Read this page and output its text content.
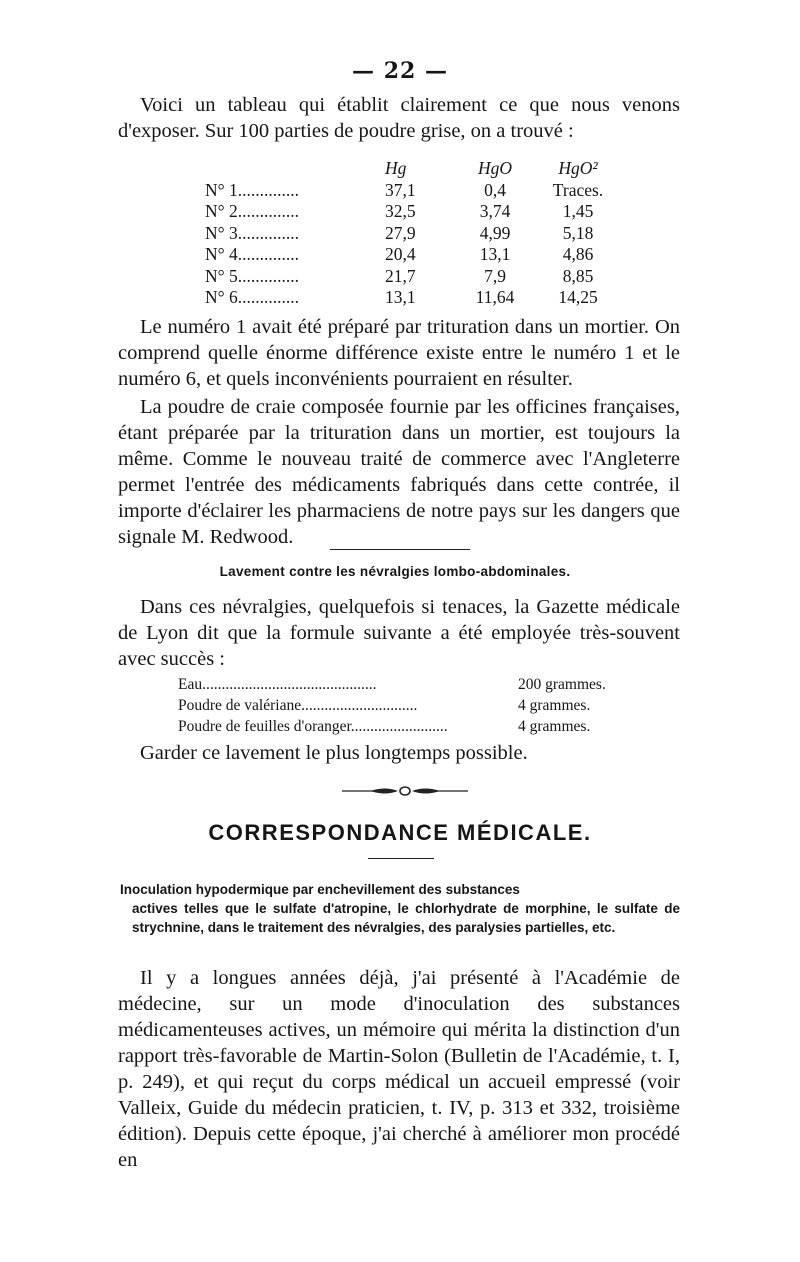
— 22 —
Voici un tableau qui établit clairement ce que nous venons d'exposer. Sur 100 parties de poudre grise, on a trouvé :
	Hg	HgO	HgO²
N° 1..............	37,1	0,4	Traces.
N° 2..............	32,5	3,74	1,45
N° 3..............	27,9	4,99	5,18
N° 4..............	20,4	13,1	4,86
N° 5..............	21,7	7,9	8,85
N° 6..............	13,1	11,64	14,25
Le numéro 1 avait été préparé par trituration dans un mortier. On comprend quelle énorme différence existe entre le numéro 1 et le numéro 6, et quels inconvénients pourraient en résulter.
La poudre de craie composée fournie par les officines françaises, étant préparée par la trituration dans un mortier, est toujours la même. Comme le nouveau traité de commerce avec l'Angleterre permet l'entrée des médicaments fabriqués dans cette contrée, il importe d'éclairer les pharmaciens de notre pays sur les dangers que signale M. Redwood.
Lavement contre les névralgies lombo-abdominales.
Dans ces névralgies, quelquefois si tenaces, la Gazette médicale de Lyon dit que la formule suivante a été employée très-souvent avec succès :
Eau.............................................	200 grammes.
Poudre de valériane..............................	4 grammes.
Poudre de feuilles d'oranger.........................	4 grammes.
Garder ce lavement le plus longtemps possible.
CORRESPONDANCE MÉDICALE.
Inoculation hypodermique par enchevillement des substances
actives telles que le sulfate d'atropine, le chlorhydrate de morphine, le sulfate de strychnine, dans le traitement des névralgies, des paralysies partielles, etc.
Il y a longues années déjà, j'ai présenté à l'Académie de médecine, sur un mode d'inoculation des substances médicamenteuses actives, un mémoire qui mérita la distinction d'un rapport très-favorable de Martin-Solon (Bulletin de l'Académie, t. I, p. 249), et qui reçut du corps médical un accueil empressé (voir Valleix, Guide du médecin praticien, t. IV, p. 313 et 332, troisième édition). Depuis cette époque, j'ai cherché à améliorer mon procédé en
